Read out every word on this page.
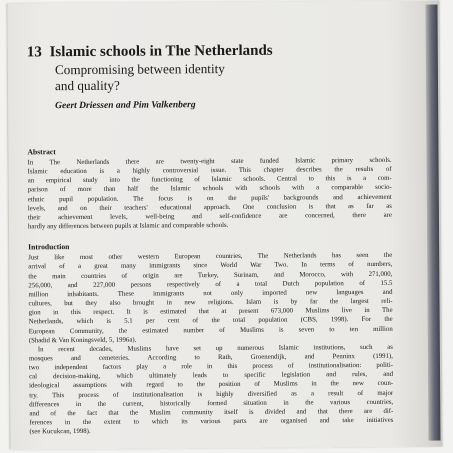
13 Islamic schools in The Netherlands
Compromising between identity
and quality?
Geert Driessen and Pim Valkenberg
Abstract
In The Netherlands there are twenty-eight state funded Islamic primary schools.
Islamic education is a highly controversial issue. This chapter describes the results of
an empirical study into the functioning of Islamic schools. Central to this is a com-
parison of more than half the Islamic schools with schools with a comparable socio-
ethnic pupil population. The focus is on the pupils' backgrounds and achievement
levels, and on their teachers' educational approach. One conclusion is that as far as
their achievement levels, well-being and self-confidence are concerned, there are
hardly any differences between pupils at Islamic and comparable schools.
Introduction
Just like most other western European countries, The Netherlands has seen the
arrival of a great many immigrants since World War Two. In terms of numbers,
the main countries of origin are Turkey, Surinam, and Morocco, with 271,000,
256,000, and 227,000 persons respectively of a total Dutch population of 15.5
million inhabitants. These immigrants not only imported new languages and
cultures, but they also brought in new religions. Islam is by far the largest reli-
gion in this respect. It is estimated that at present 673,000 Muslims live in The
Netherlands, which is 5.1 per cent of the total population (CBS, 1998). For the
European Community, the estimated number of Muslims is seven to ten million
(Shadid & Van Koningsveld, 5, 1996a).
In recent decades, Muslims have set up numerous Islamic institutions, such as
mosques and cemeteries. According to Rath, Groenendijk, and Penninx (1991),
two independent factors play a role in this process of institutionalisation: politi-
cal decision-making, which ultimately leads to specific legislation and rules, and
ideological assumptions with regard to the position of Muslims in the new coun-
try. This process of institutionalisation is highly diversified as a result of major
differences in the current, historically formed situation in the various countries,
and of the fact that the Muslim community itself is divided and that there are dif-
ferences in the extent to which its various parts are organised and take initiatives
(see Kucukcan, 1998).
